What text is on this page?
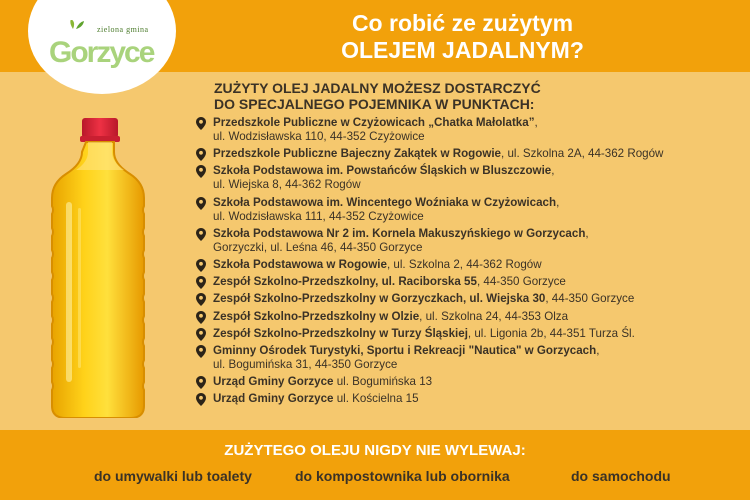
zielona gmina
Gorzyce
Co robić ze zużytym
OLEJEM JADALNYM?
ZUŻYTY OLEJ JADALNY MOŻESZ DOSTARCZYĆ
DO SPECJALNEGO POJEMNIKA W PUNKTACH:
Przedszkole Publiczne w Czyżowicach „Chatka Małolatka”,
ul. Wodzisławska 110, 44-352 Czyżowice
Przedszkole Publiczne Bajeczny Zakątek w Rogowie, ul. Szkolna 2A, 44-362 Rogów
Szkoła Podstawowa im. Powstańców Śląskich w Bluszczowie,
ul. Wiejska 8, 44-362 Rogów
Szkoła Podstawowa im. Wincentego Woźniaka w Czyżowicach,
ul. Wodzisławska 111, 44-352 Czyżowice
Szkoła Podstawowa Nr 2 im. Kornela Makuszyńskiego w Gorzycach,
Gorzyczki, ul. Leśna 46, 44-350 Gorzyce
Szkoła Podstawowa w Rogowie, ul. Szkolna 2, 44-362 Rogów
Zespół Szkolno-Przedszkolny, ul. Raciborska 55, 44-350 Gorzyce
Zespół Szkolno-Przedszkolny w Gorzyczkach, ul. Wiejska 30, 44-350 Gorzyce
Zespół Szkolno-Przedszkolny w Olzie, ul. Szkolna 24, 44-353 Olza
Zespół Szkolno-Przedszkolny w Turzy Śląskiej, ul. Ligonia 2b, 44-351 Turza Śl.
Gminny Ośrodek Turystyki, Sportu i Rekreacji "Nautica" w Gorzycach,
ul. Bogumińska 31, 44-350 Gorzyce
Urząd Gminy Gorzyce ul. Bogumińska 13
Urząd Gminy Gorzyce ul. Kościelna 15
ZUŻYTEGO OLEJU NIGDY NIE WYLEWAJ:
do umywalki lub toalety	do kompostownika lub obornika	do samochodu
